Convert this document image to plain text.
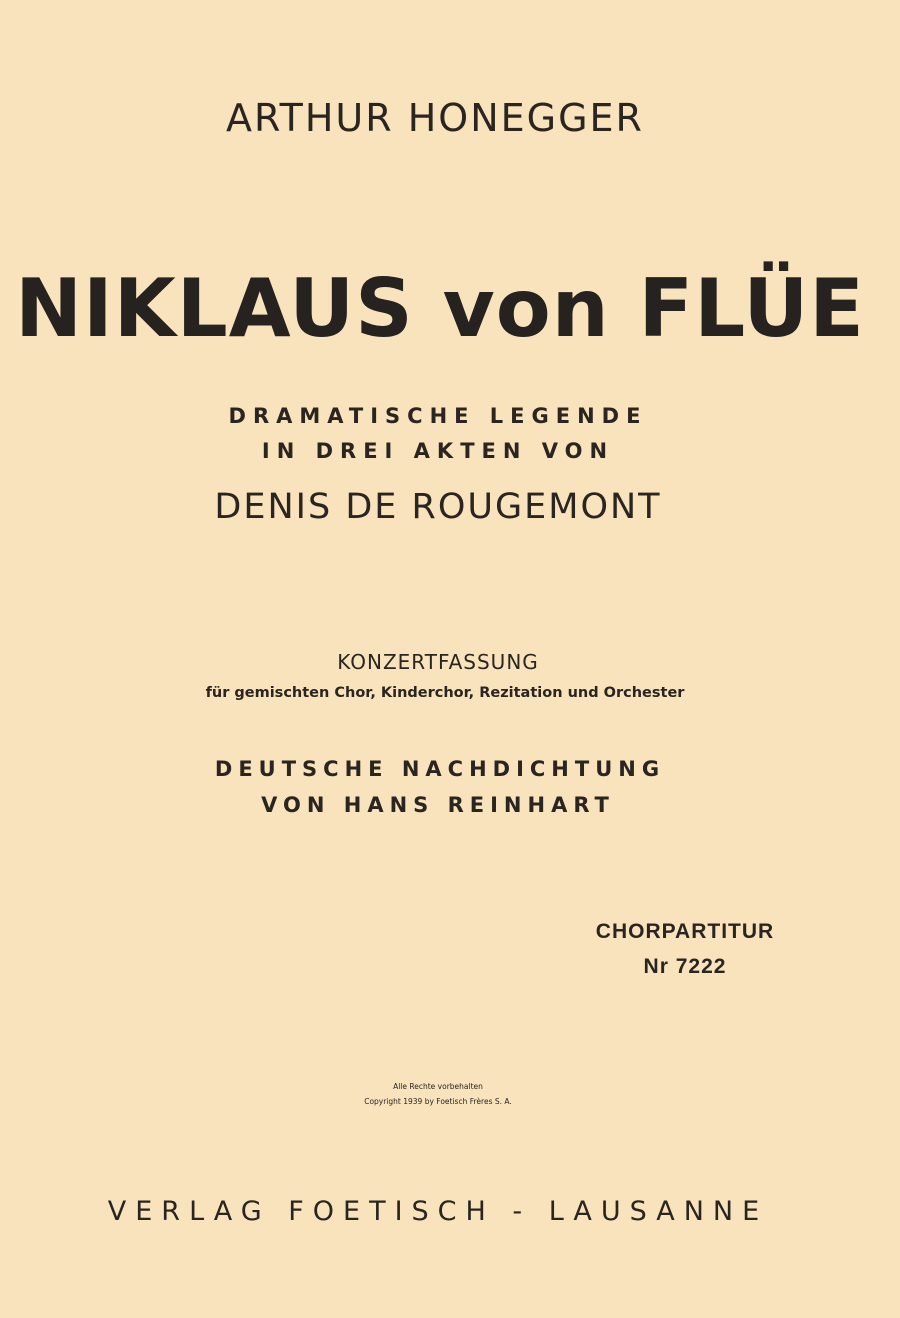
ARTHUR HONEGGER
NIKLAUS von FLÜE
DRAMATISCHE LEGENDE
IN DREI AKTEN VON
DENIS DE ROUGEMONT
KONZERTFASSUNG
für gemischten Chor, Kinderchor, Rezitation und Orchester
DEUTSCHE NACHDICHTUNG
VON HANS REINHART
CHORPARTITUR
Nr 7222
Alle Rechte vorbehalten
Copyright 1939 by Foetisch Frères S. A.
VERLAG FOETISCH - LAUSANNE
